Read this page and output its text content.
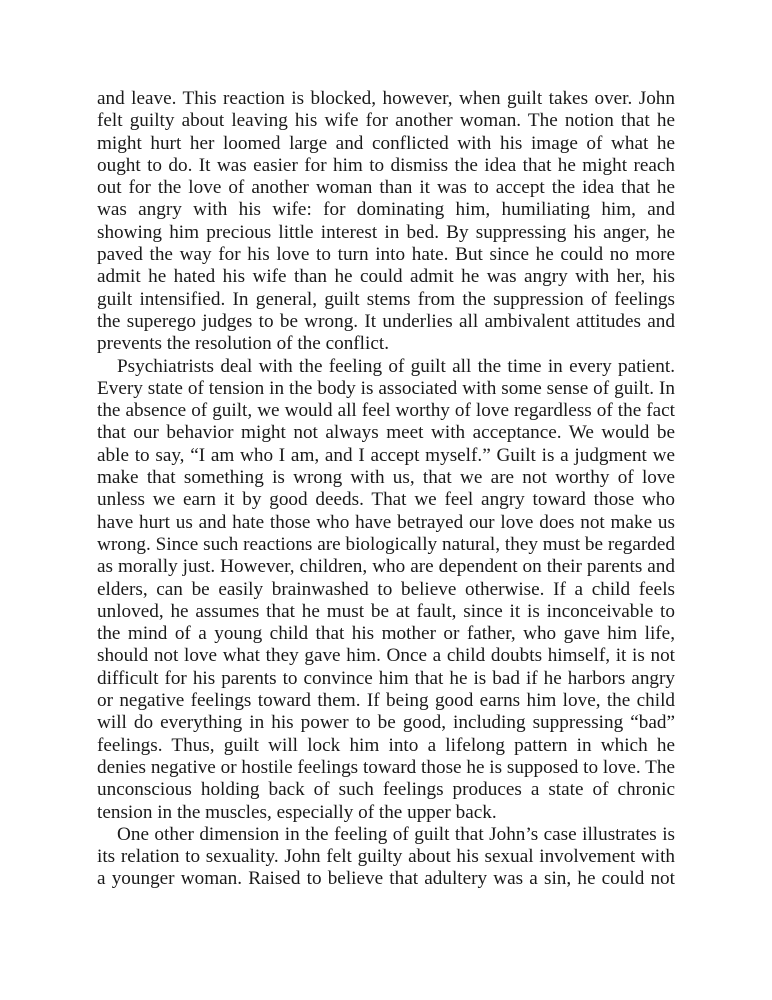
and leave. This reaction is blocked, however, when guilt takes over. John felt guilty about leaving his wife for another woman. The notion that he might hurt her loomed large and conflicted with his image of what he ought to do. It was easier for him to dismiss the idea that he might reach out for the love of another woman than it was to accept the idea that he was angry with his wife: for dominating him, humiliating him, and showing him precious little interest in bed. By suppressing his anger, he paved the way for his love to turn into hate. But since he could no more admit he hated his wife than he could admit he was angry with her, his guilt intensified. In general, guilt stems from the suppression of feelings the superego judges to be wrong. It underlies all ambivalent attitudes and prevents the resolution of the conflict.

Psychiatrists deal with the feeling of guilt all the time in every patient. Every state of tension in the body is associated with some sense of guilt. In the absence of guilt, we would all feel worthy of love regardless of the fact that our behavior might not always meet with acceptance. We would be able to say, “I am who I am, and I accept myself.” Guilt is a judgment we make that something is wrong with us, that we are not worthy of love unless we earn it by good deeds. That we feel angry toward those who have hurt us and hate those who have betrayed our love does not make us wrong. Since such reactions are biologically natural, they must be regarded as morally just. However, children, who are dependent on their parents and elders, can be easily brainwashed to believe otherwise. If a child feels unloved, he assumes that he must be at fault, since it is inconceivable to the mind of a young child that his mother or father, who gave him life, should not love what they gave him. Once a child doubts himself, it is not difficult for his parents to convince him that he is bad if he harbors angry or negative feelings toward them. If being good earns him love, the child will do everything in his power to be good, including suppressing “bad” feelings. Thus, guilt will lock him into a lifelong pattern in which he denies negative or hostile feelings toward those he is supposed to love. The unconscious holding back of such feelings produces a state of chronic tension in the muscles, especially of the upper back.

One other dimension in the feeling of guilt that John’s case illustrates is its relation to sexuality. John felt guilty about his sexual involvement with a younger woman. Raised to believe that adultery was a sin, he could not
